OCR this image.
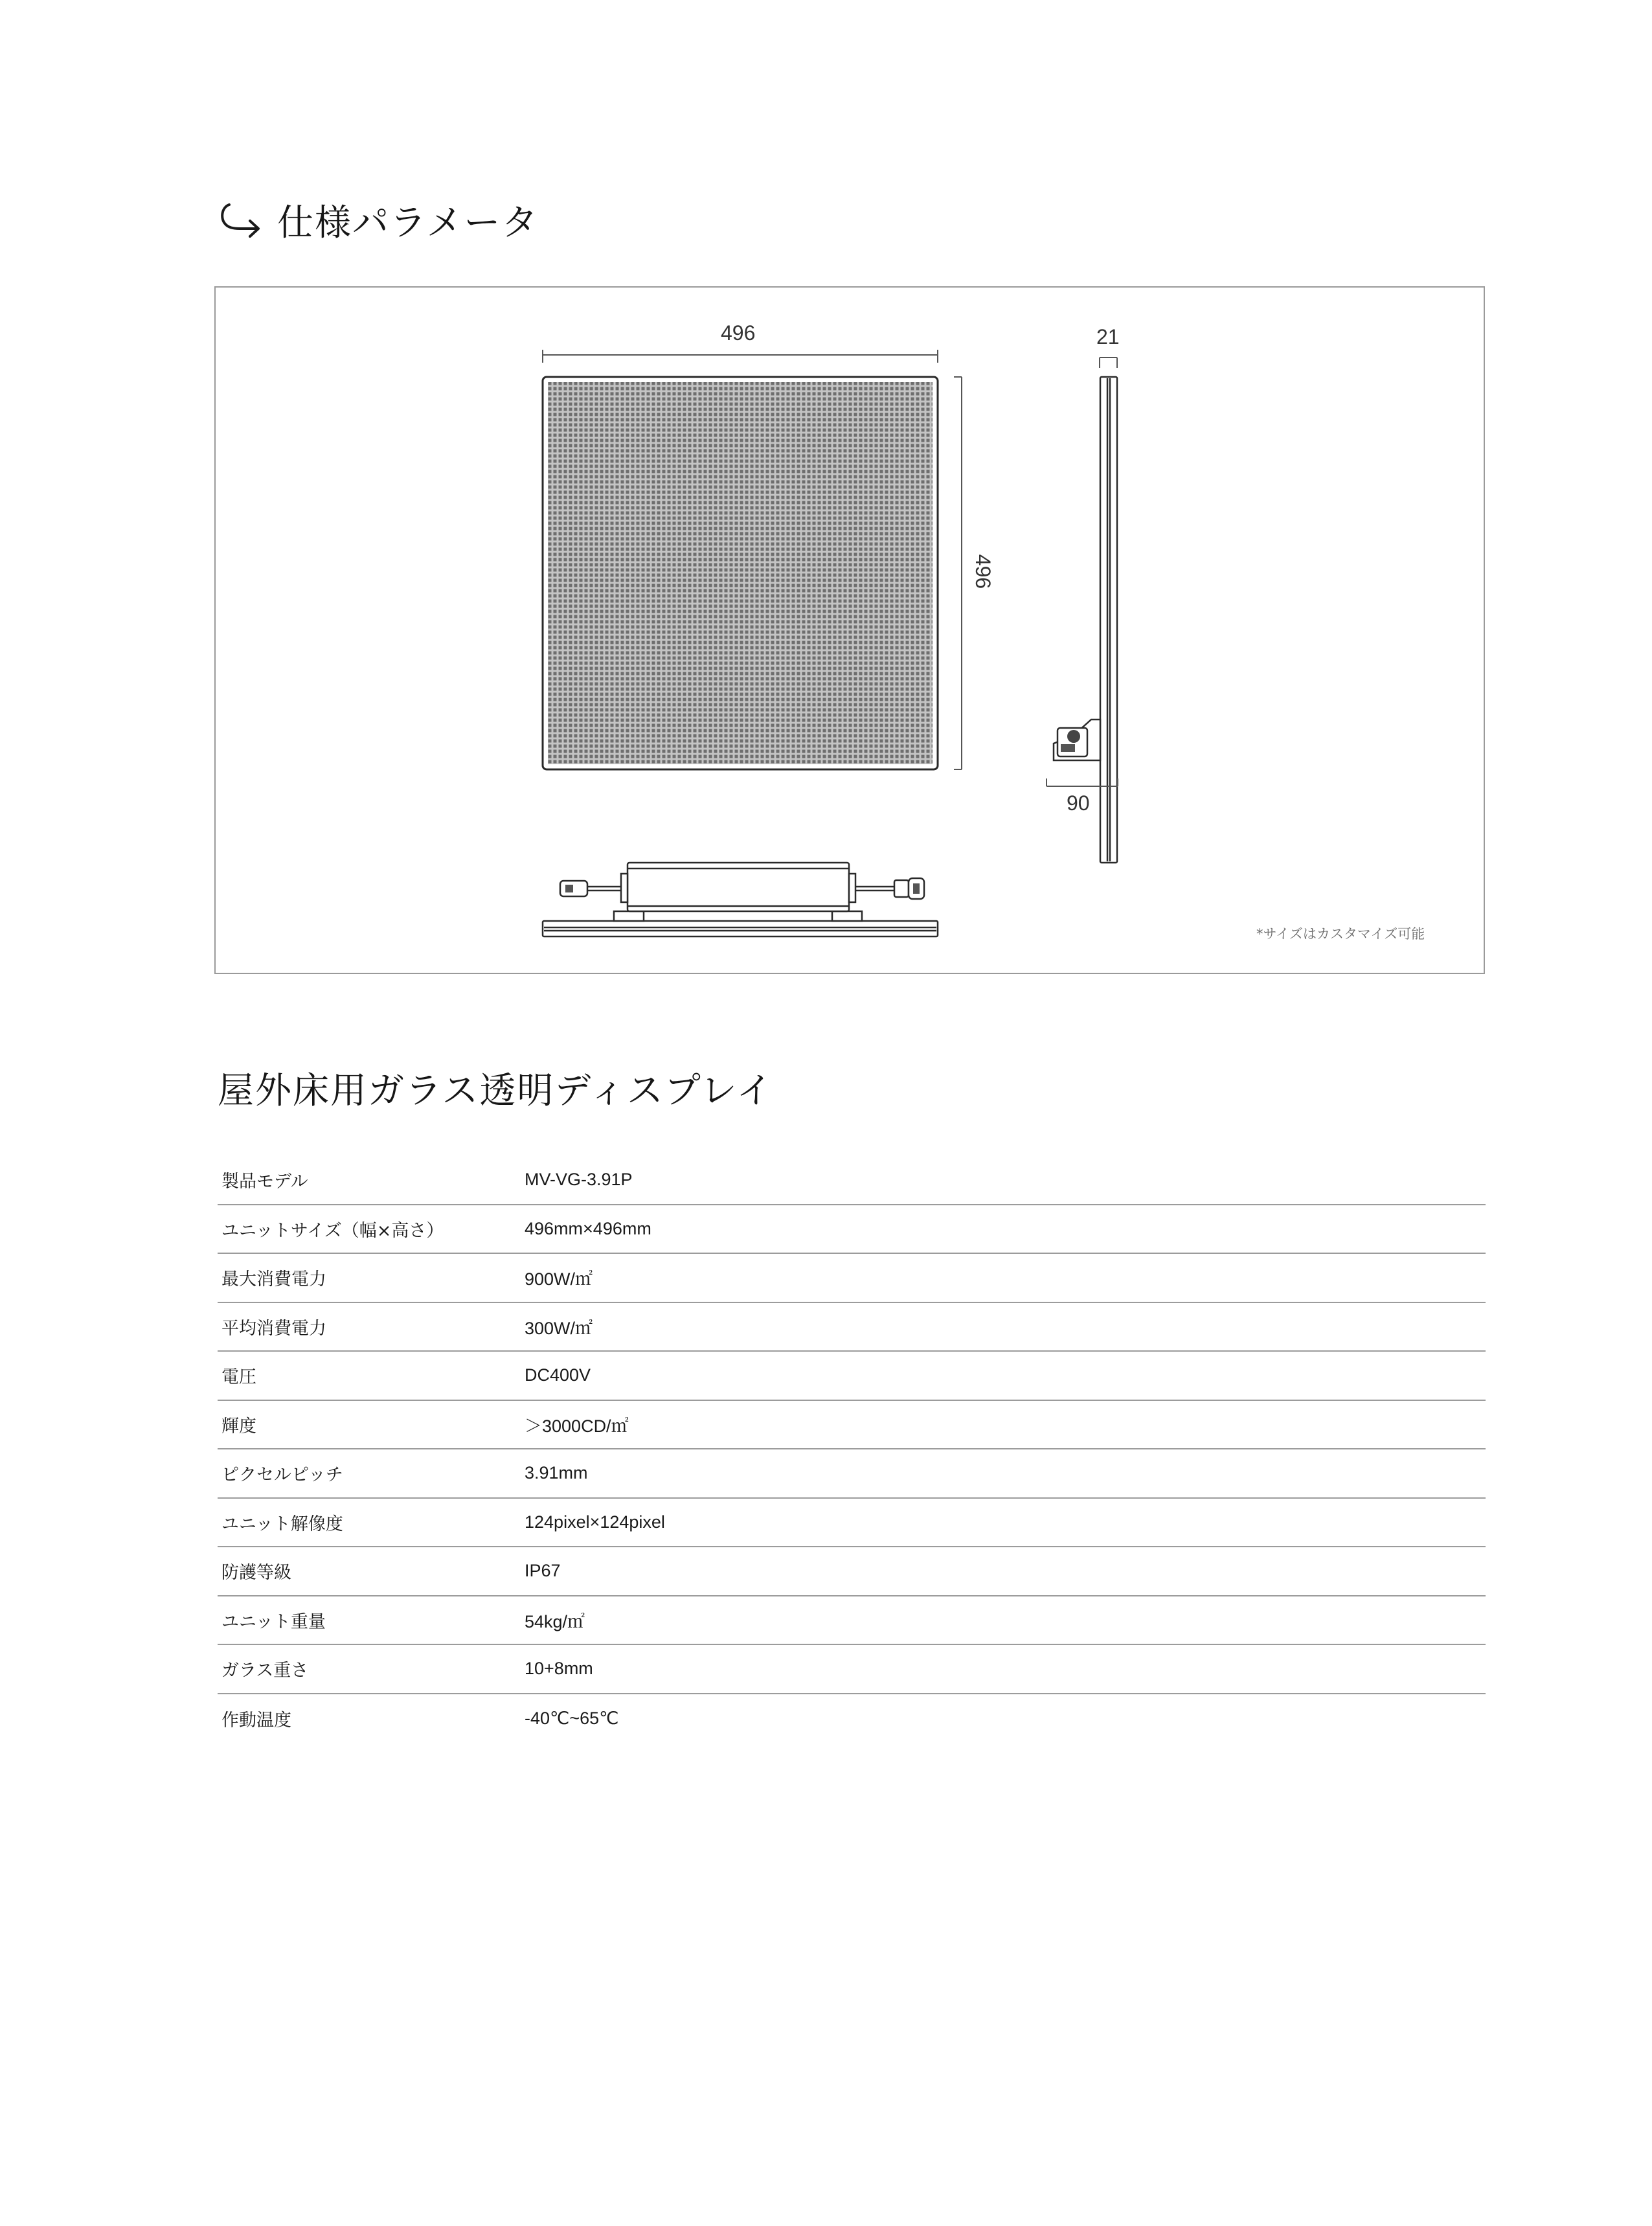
仕様パラメータ
496
496
21
90
*サイズはカスタマイズ可能
屋外床用ガラス透明ディスプレイ
製品モデル	MV-VG-3.91P
ユニットサイズ（幅×高さ）	496mm×496mm
最大消費電力	900W/㎡
平均消費電力	300W/㎡
電圧	DC400V
輝度	＞3000CD/㎡
ピクセルピッチ	3.91mm
ユニット解像度	124pixel×124pixel
防護等級	IP67
ユニット重量	54kg/㎡
ガラス重さ	10+8mm
作動温度	-40℃~65℃
